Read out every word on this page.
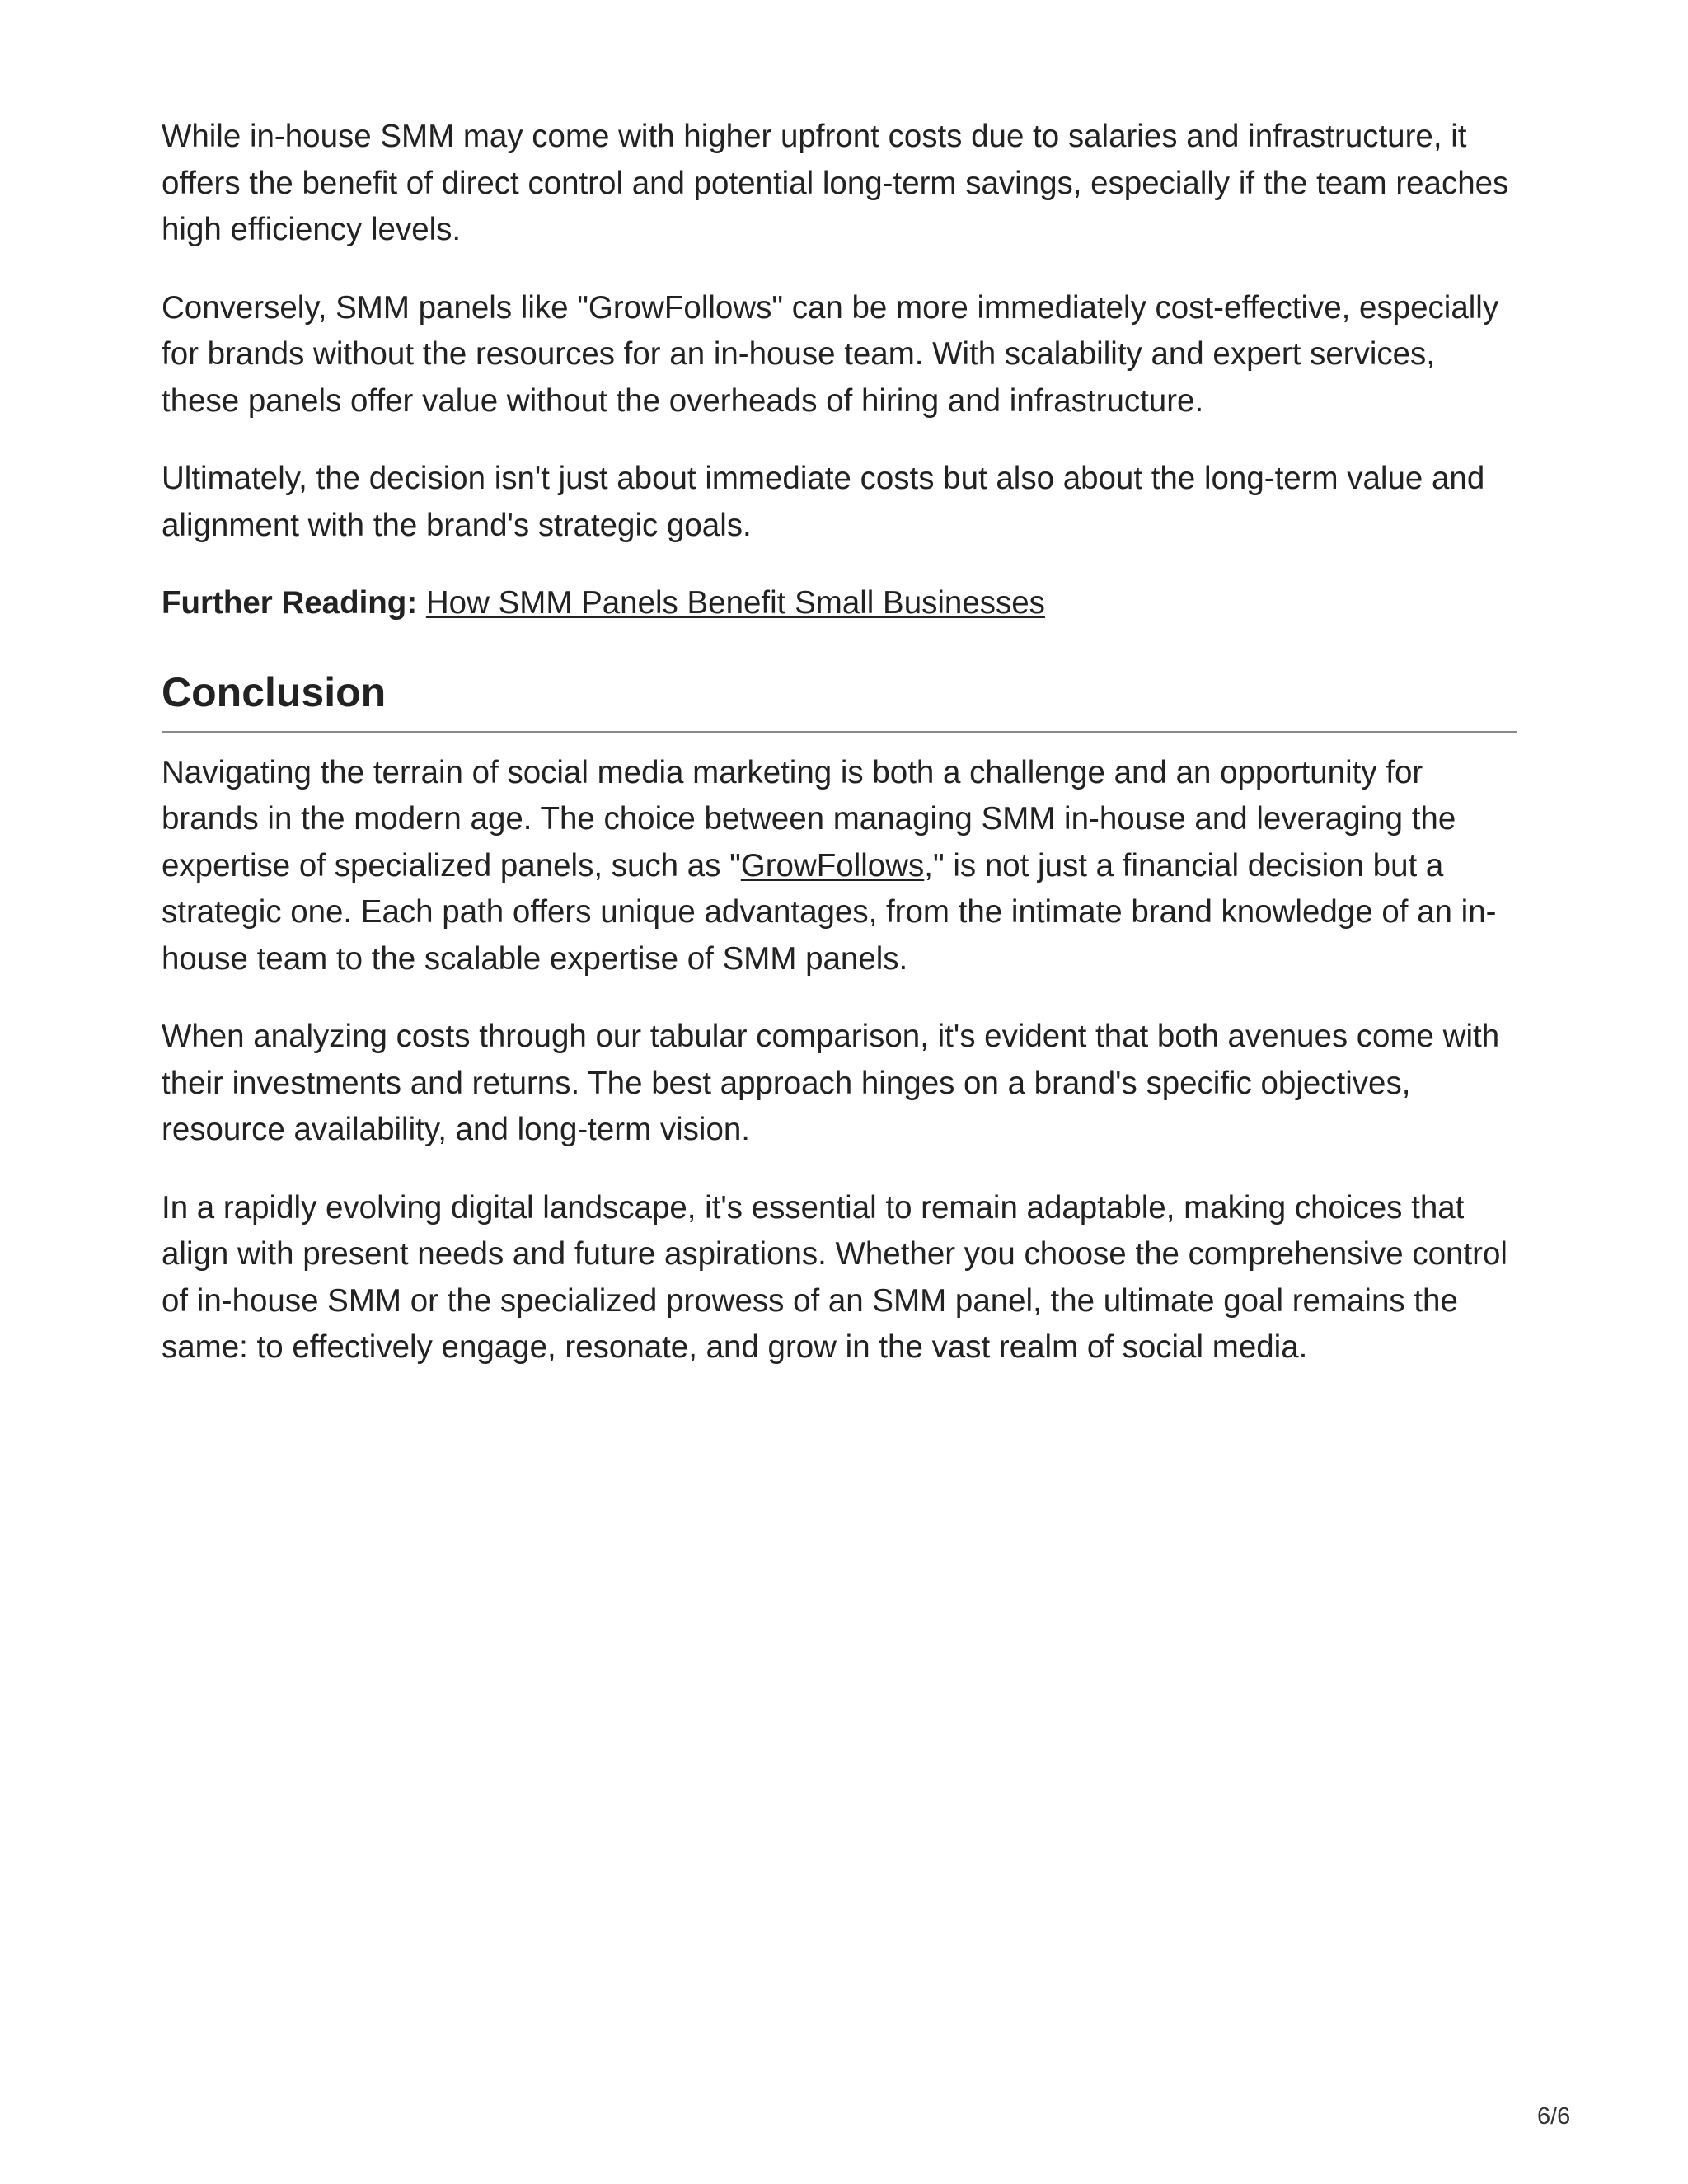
While in-house SMM may come with higher upfront costs due to salaries and infrastructure, it offers the benefit of direct control and potential long-term savings, especially if the team reaches high efficiency levels.

Conversely, SMM panels like "GrowFollows" can be more immediately cost-effective, especially for brands without the resources for an in-house team. With scalability and expert services, these panels offer value without the overheads of hiring and infrastructure.

Ultimately, the decision isn't just about immediate costs but also about the long-term value and alignment with the brand's strategic goals.

Further Reading: How SMM Panels Benefit Small Businesses

Conclusion

Navigating the terrain of social media marketing is both a challenge and an opportunity for brands in the modern age. The choice between managing SMM in-house and leveraging the expertise of specialized panels, such as "GrowFollows," is not just a financial decision but a strategic one. Each path offers unique advantages, from the intimate brand knowledge of an in-house team to the scalable expertise of SMM panels.

When analyzing costs through our tabular comparison, it's evident that both avenues come with their investments and returns. The best approach hinges on a brand's specific objectives, resource availability, and long-term vision.

In a rapidly evolving digital landscape, it's essential to remain adaptable, making choices that align with present needs and future aspirations. Whether you choose the comprehensive control of in-house SMM or the specialized prowess of an SMM panel, the ultimate goal remains the same: to effectively engage, resonate, and grow in the vast realm of social media.

6/6
